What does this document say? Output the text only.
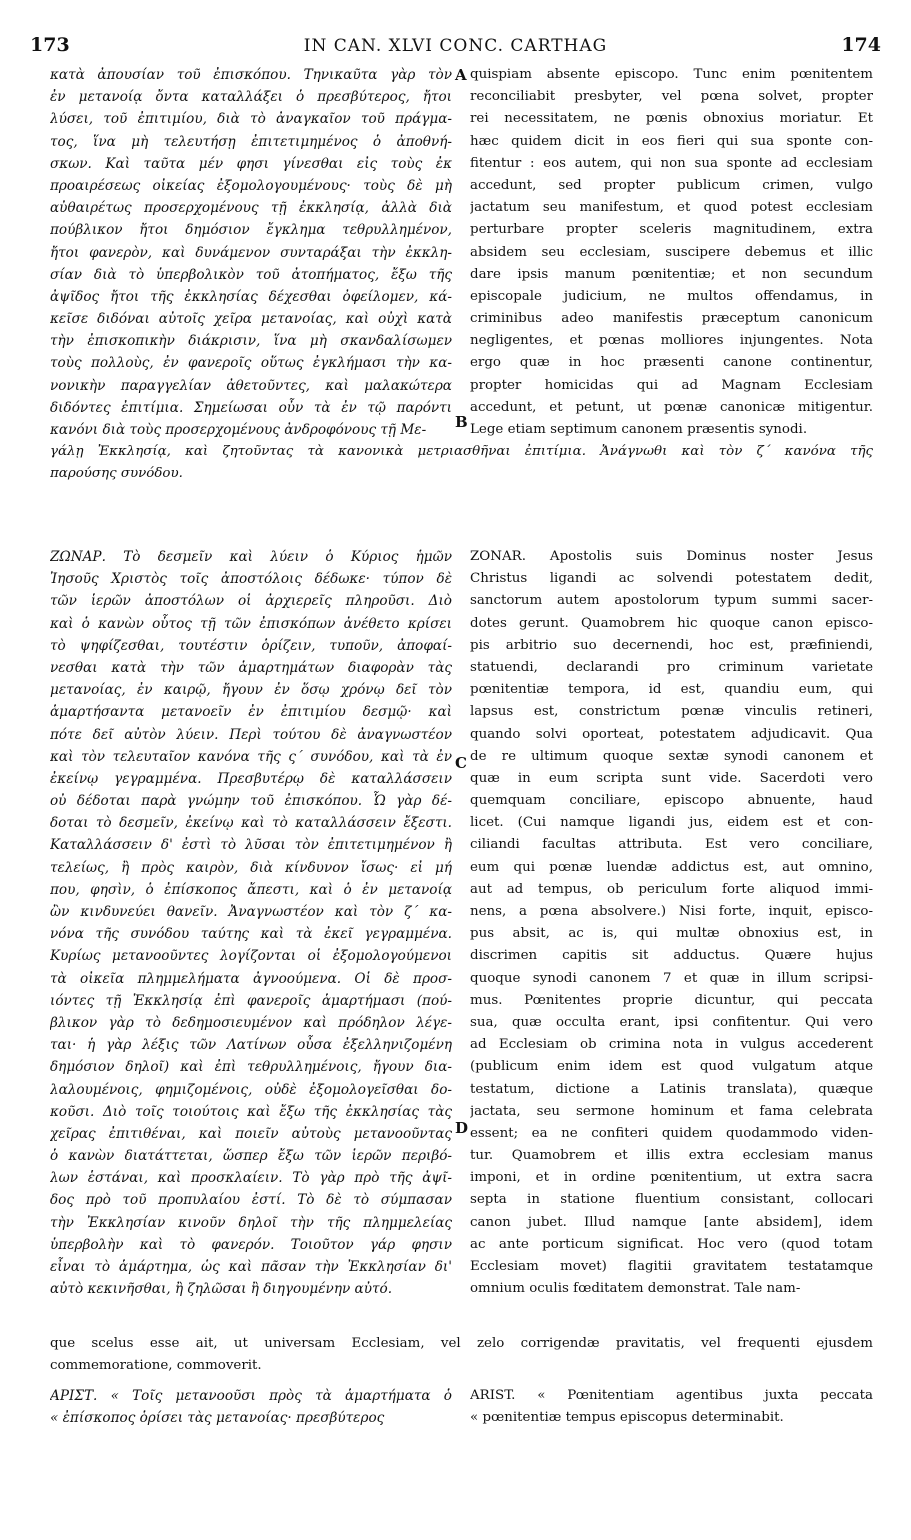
173	IN CAN. XLVI CONC. CARTHAG	174
κατὰ ἀπουσίαν τοῦ ἐπισκόπου. Τηνικαῦτα γὰρ τὸν
ἐν μετανοίᾳ ὄντα καταλλάξει ὁ πρεσβύτερος, ἤτοι
λύσει, τοῦ ἐπιτιμίου, διὰ τὸ ἀναγκαῖον τοῦ πράγμα-
τος, ἵνα μὴ τελευτήσῃ ἐπιτετιμημένος ὁ ἀποθνή-
σκων. Καὶ ταῦτα μέν φησι γίνεσθαι εἰς τοὺς ἐκ
προαιρέσεως οἰκείας ἐξομολογουμένους· τοὺς δὲ μὴ
αὐθαιρέτως προσερχομένους τῇ ἐκκλησίᾳ, ἀλλὰ διὰ
πούβλικον ἤτοι δημόσιον ἔγκλημα τεθρυλλημένον,
ἤτοι φανερὸν, καὶ δυνάμενον συνταράξαι τὴν ἐκκλη-
σίαν διὰ τὸ ὑπερβολικὸν τοῦ ἀτοπήματος, ἔξω τῆς
ἀψῖδος ἤτοι τῆς ἐκκλησίας δέχεσθαι ὀφείλομεν, κά-
κεῖσε διδόναι αὐτοῖς χεῖρα μετανοίας, καὶ οὐχὶ κατὰ
τὴν ἐπισκοπικὴν διάκρισιν, ἵνα μὴ σκανδαλίσωμεν
τοὺς πολλοὺς, ἐν φανεροῖς οὕτως ἐγκλήμασι τὴν κα-
νονικὴν παραγγελίαν ἀθετοῦντες, καὶ μαλακώτερα
διδόντες ἐπιτίμια. Σημείωσαι οὖν τὰ ἐν τῷ παρόντι
κανόνι διὰ τοὺς προσερχομένους ἀνδροφόνους τῇ Με-
quispiam absente episcopo. Tunc enim pœnitentem
reconciliabit presbyter, vel pœna solvet, propter
rei necessitatem, ne pœnis obnoxius moriatur. Et
hæc quidem dicit in eos fieri qui sua sponte con-
fitentur : eos autem, qui non sua sponte ad ecclesiam
accedunt, sed propter publicum crimen, vulgo
jactatum seu manifestum, et quod potest ecclesiam
perturbare propter sceleris magnitudinem, extra
absidem seu ecclesiam, suscipere debemus et illic
dare ipsis manum pœnitentiæ; et non secundum
episcopale judicium, ne multos offendamus, in
criminibus adeo manifestis præceptum canonicum
negligentes, et pœnas molliores injungentes. Nota
ergo quæ in hoc præsenti canone continentur,
propter homicidas qui ad Magnam Ecclesiam
accedunt, et petunt, ut pœnæ canonicæ mitigentur.
Lege etiam septimum canonem præsentis synodi.
A
B
γάλῃ Ἐκκλησίᾳ, καὶ ζητοῦντας τὰ κανονικὰ μετριασθῆναι ἐπιτίμια. Ἀνάγνωθι καὶ τὸν ζ΄ κανόνα τῆς
παρούσης συνόδου.
ΖΩΝΑΡ. Τὸ δεσμεῖν καὶ λύειν ὁ Κύριος ἡμῶν
Ἰησοῦς Χριστὸς τοῖς ἀποστόλοις δέδωκε· τύπον δὲ
τῶν ἱερῶν ἀποστόλων οἱ ἀρχιερεῖς πληροῦσι. Διὸ
καὶ ὁ κανὼν οὗτος τῇ τῶν ἐπισκόπων ἀνέθετο κρίσει
τὸ ψηφίζεσθαι, τουτέστιν ὁρίζειν, τυποῦν, ἀποφαί-
νεσθαι κατὰ τὴν τῶν ἁμαρτημάτων διαφορὰν τὰς
μετανοίας, ἐν καιρῷ, ἤγουν ἐν ὅσῳ χρόνῳ δεῖ τὸν
ἁμαρτήσαντα μετανοεῖν ἐν ἐπιτιμίου δεσμῷ· καὶ
πότε δεῖ αὐτὸν λύειν. Περὶ τούτου δὲ ἀναγνωστέον
καὶ τὸν τελευταῖον κανόνα τῆς ς΄ συνόδου, καὶ τὰ ἐν
ἐκείνῳ γεγραμμένα. Πρεσβυτέρῳ δὲ καταλλάσσειν
οὐ δέδοται παρὰ γνώμην τοῦ ἐπισκόπου. Ὧ γὰρ δέ-
δοται τὸ δεσμεῖν, ἐκείνῳ καὶ τὸ καταλλάσσειν ἔξεστι.
Καταλλάσσειν δ' ἐστὶ τὸ λῦσαι τὸν ἐπιτετιμημένον ἢ
τελείως, ἢ πρὸς καιρὸν, διὰ κίνδυνον ἴσως· εἰ μή
που, φησὶν, ὁ ἐπίσκοπος ἄπεστι, καὶ ὁ ἐν μετανοίᾳ
ὢν κινδυνεύει θανεῖν. Ἀναγνωστέον καὶ τὸν ζ΄ κα-
νόνα τῆς συνόδου ταύτης καὶ τὰ ἐκεῖ γεγραμμένα.
Κυρίως μετανοοῦντες λογίζονται οἱ ἐξομολογούμενοι
τὰ οἰκεῖα πλημμελήματα ἀγνοούμενα. Οἱ δὲ προσ-
ιόντες τῇ Ἐκκλησίᾳ ἐπὶ φανεροῖς ἁμαρτήμασι (πού-
βλικον γὰρ τὸ δεδημοσιευμένον καὶ πρόδηλον λέγε-
ται· ἡ γὰρ λέξις τῶν Λατίνων οὖσα ἐξελληνιζομένη
δημόσιον δηλοῖ) καὶ ἐπὶ τεθρυλλημένοις, ἤγουν δια-
λαλουμένοις, φημιζομένοις, οὐδὲ ἐξομολογεῖσθαι δο-
κοῦσι. Διὸ τοῖς τοιούτοις καὶ ἔξω τῆς ἐκκλησίας τὰς
χεῖρας ἐπιτιθέναι, καὶ ποιεῖν αὐτοὺς μετανοοῦντας
ὁ κανὼν διατάττεται, ὥσπερ ἔξω τῶν ἱερῶν περιβό-
λων ἑστάναι, καὶ προσκλαίειν. Τὸ γὰρ πρὸ τῆς ἀψῖ-
δος πρὸ τοῦ προπυλαίου ἐστί. Τὸ δὲ τὸ σύμπασαν
τὴν Ἐκκλησίαν κινοῦν δηλοῖ τὴν τῆς πλημμελείας
ὑπερβολὴν καὶ τὸ φανερόν. Τοιοῦτον γάρ φησιν
εἶναι τὸ ἁμάρτημα, ὡς καὶ πᾶσαν τὴν Ἐκκλησίαν δι'
αὐτὸ κεκινῆσθαι, ἢ ζηλῶσαι ἢ διηγουμένην αὐτό.
ZONAR. Apostolis suis Dominus noster Jesus
Christus ligandi ac solvendi potestatem dedit,
sanctorum autem apostolorum typum summi sacer-
dotes gerunt. Quamobrem hic quoque canon episco-
pis arbitrio suo decernendi, hoc est, præfiniendi,
statuendi, declarandi pro criminum varietate
pœnitentiæ tempora, id est, quandiu eum, qui
lapsus est, constrictum pœnæ vinculis retineri,
quando solvi oporteat, potestatem adjudicavit. Qua
de re ultimum quoque sextæ synodi canonem et
quæ in eum scripta sunt vide. Sacerdoti vero
quemquam conciliare, episcopo abnuente, haud
licet. (Cui namque ligandi jus, eidem est et con-
ciliandi facultas attributa. Est vero conciliare,
eum qui pœnæ luendæ addictus est, aut omnino,
aut ad tempus, ob periculum forte aliquod immi-
nens, a pœna absolvere.) Nisi forte, inquit, episco-
pus absit, ac is, qui multæ obnoxius est, in
discrimen capitis sit adductus. Quære hujus
quoque synodi canonem 7 et quæ in illum scripsi-
mus. Pœnitentes proprie dicuntur, qui peccata
sua, quæ occulta erant, ipsi confitentur. Qui vero
ad Ecclesiam ob crimina nota in vulgus accederent
(publicum enim idem est quod vulgatum atque
testatum, dictione a Latinis translata), quæque
jactata, seu sermone hominum et fama celebrata
essent; ea ne confiteri quidem quodammodo viden-
tur. Quamobrem et illis extra ecclesiam manus
imponi, et in ordine pœnitentium, ut extra sacra
septa in statione fluentium consistant, collocari
canon jubet. Illud namque [ante absidem], idem
ac ante porticum significat. Hoc vero (quod totam
Ecclesiam movet) flagitii gravitatem testatamque
omnium oculis fœditatem demonstrat. Tale nam-
C
D
que scelus esse ait, ut universam Ecclesiam, vel zelo corrigendæ pravitatis, vel frequenti ejusdem
commemoratione, commoverit.
ΑΡΙΣΤ. « Τοῖς μετανοοῦσι πρὸς τὰ ἁμαρτήματα ὁ
« ἐπίσκοπος ὁρίσει τὰς μετανοίας· πρεσβύτερος
ARIST. « Pœnitentiam agentibus juxta peccata
« pœnitentiæ tempus episcopus determinabit.
